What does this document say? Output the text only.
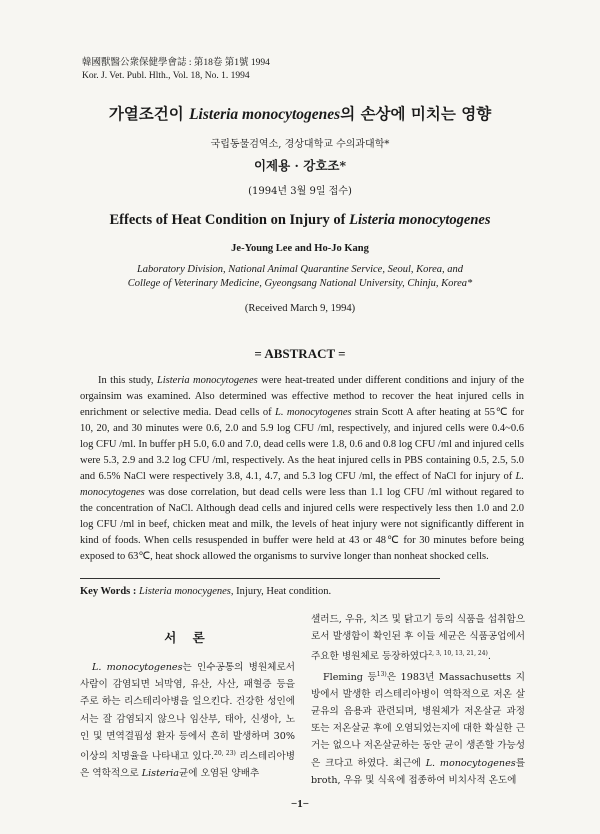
韓國獸醫公衆保健學會誌 : 第18卷 第1號 1994
Kor. J. Vet. Publ. Hlth., Vol. 18, No. 1. 1994
가열조건이 Listeria monocytogenes의 손상에 미치는 영향
국립동물검역소, 경상대학교 수의과대학*
이제용 · 강호조*
(1994년 3월 9일 접수)
Effects of Heat Condition on Injury of Listeria monocytogenes
Je-Young Lee and Ho-Jo Kang
Laboratory Division, National Animal Quarantine Service, Seoul, Korea, and
College of Veterinary Medicine, Gyeongsang National University, Chinju, Korea*
(Received March 9, 1994)
= ABSTRACT =

In this study, Listeria monocytogenes were heat-treated under different conditions and injury of the orgainsim was examined. Also determined was effective method to recover the heat injured cells in enrichment or selective media. Dead cells of L. monocytogenes strain Scott A after heating at 55℃ for 10, 20, and 30 minutes were 0.6, 2.0 and 5.9 log CFU /ml, respectively, and injured cells were 0.4~0.6 log CFU /ml. In buffer pH 5.0, 6.0 and 7.0, dead cells were 1.8, 0.6 and 0.8 log CFU /ml and injured cells were 5.3, 2.9 and 3.2 log CFU /ml, respectively. As the heat injured cells in PBS containing 0.5, 2.5, 5.0 and 6.5% NaCl were respectively 3.8, 4.1, 4.7, and 5.3 log CFU /ml, the effect of NaCl for injury of L. monocytogenes was dose correlation, but dead cells were less than 1.1 log CFU /ml without regared to the concentration of NaCl. Although dead cells and injured cells were respectively less then 1.0 and 2.0 log CFU /ml in beef, chicken meat and milk, the levels of heat injury were not significantly different in kind of foods. When cells resuspended in buffer were held at 43 or 48℃ for 30 minutes before being exposed to 63℃, heat shock allowed the organisms to survive longer than nonheat shocked cells.

Key Words : Listeria monocygenes, Injury, Heat condition.
서 론

L. monocytogenes는 인수공통의 병원체로서 사람이 감염되면 뇌막염, 유산, 사산, 패혈증 등을 주로 하는 리스테리아병을 일으킨다. 건강한 성인에서는 잘 감염되지 않으나 임산부, 태아, 신생아, 노인 및 면역결핍성 환자 등에서 흔히 발생하며 30%이상의 치명율을 나타내고 있다.$^{20, 23)}$ 리스테리아병은 역학적으로 Listeria균에 오염된 양배추

샐러드, 우유, 치즈 및 닭고기 등의 식품을 섭취함으로서 발생함이 확인된 후 이들 세균은 식품공업에서 주요한 병원체로 등장하였다$^{2, 3, 10, 13, 21, 24)}$.

Fleming 등$^{13)}$은 1983년 Massachusetts 지방에서 발생한 리스테리아병이 역학적으로 저온 살균유의 음용과 관련되며, 병원체가 저온살균 과정 또는 저온살균 후에 오염되었는지에 대한 확실한 근거는 없으나 저온살균하는 동안 균이 생존할 가능성은 크다고 하였다. 최근에 L. monocytogenes를 broth, 우유 및 식육에 접종하여 비치사적 온도에

−1−
